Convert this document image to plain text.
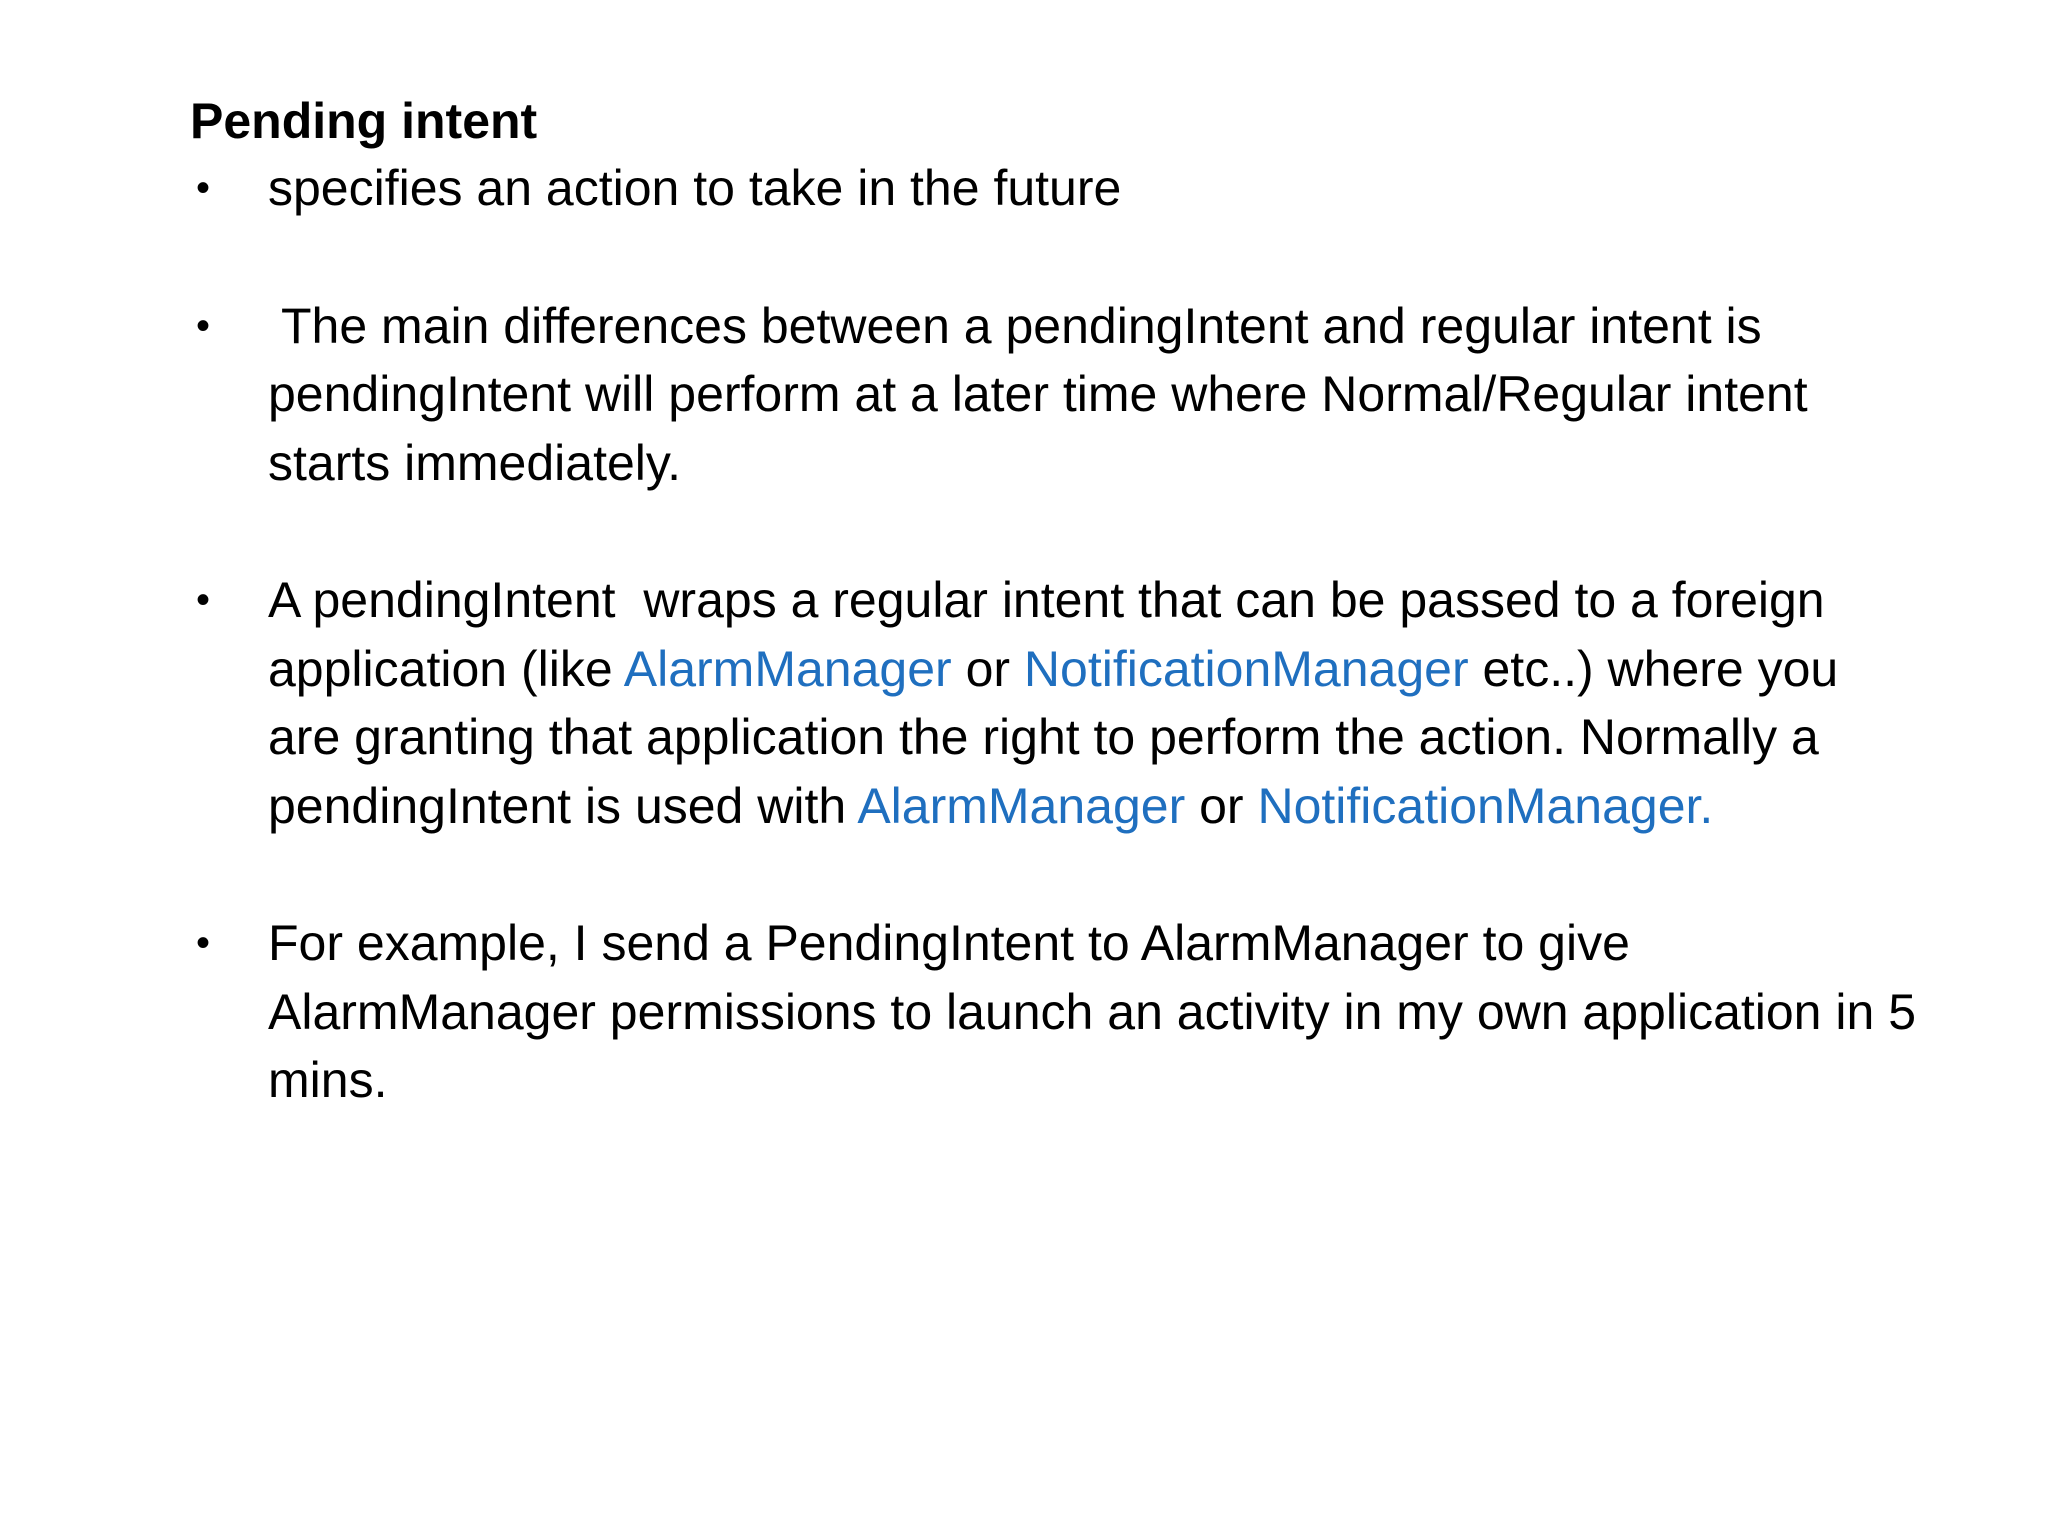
Pending intent
• specifies an action to take in the future
• The main differences between a pendingIntent and regular intent is
pendingIntent will perform at a later time where Normal/Regular intent
starts immediately.
• A pendingIntent  wraps a regular intent that can be passed to a foreign
application (like AlarmManager or NotificationManager etc..) where you
are granting that application the right to perform the action. Normally a
pendingIntent is used with AlarmManager or NotificationManager.
• For example, I send a PendingIntent to AlarmManager to give
AlarmManager permissions to launch an activity in my own application in 5
mins.
